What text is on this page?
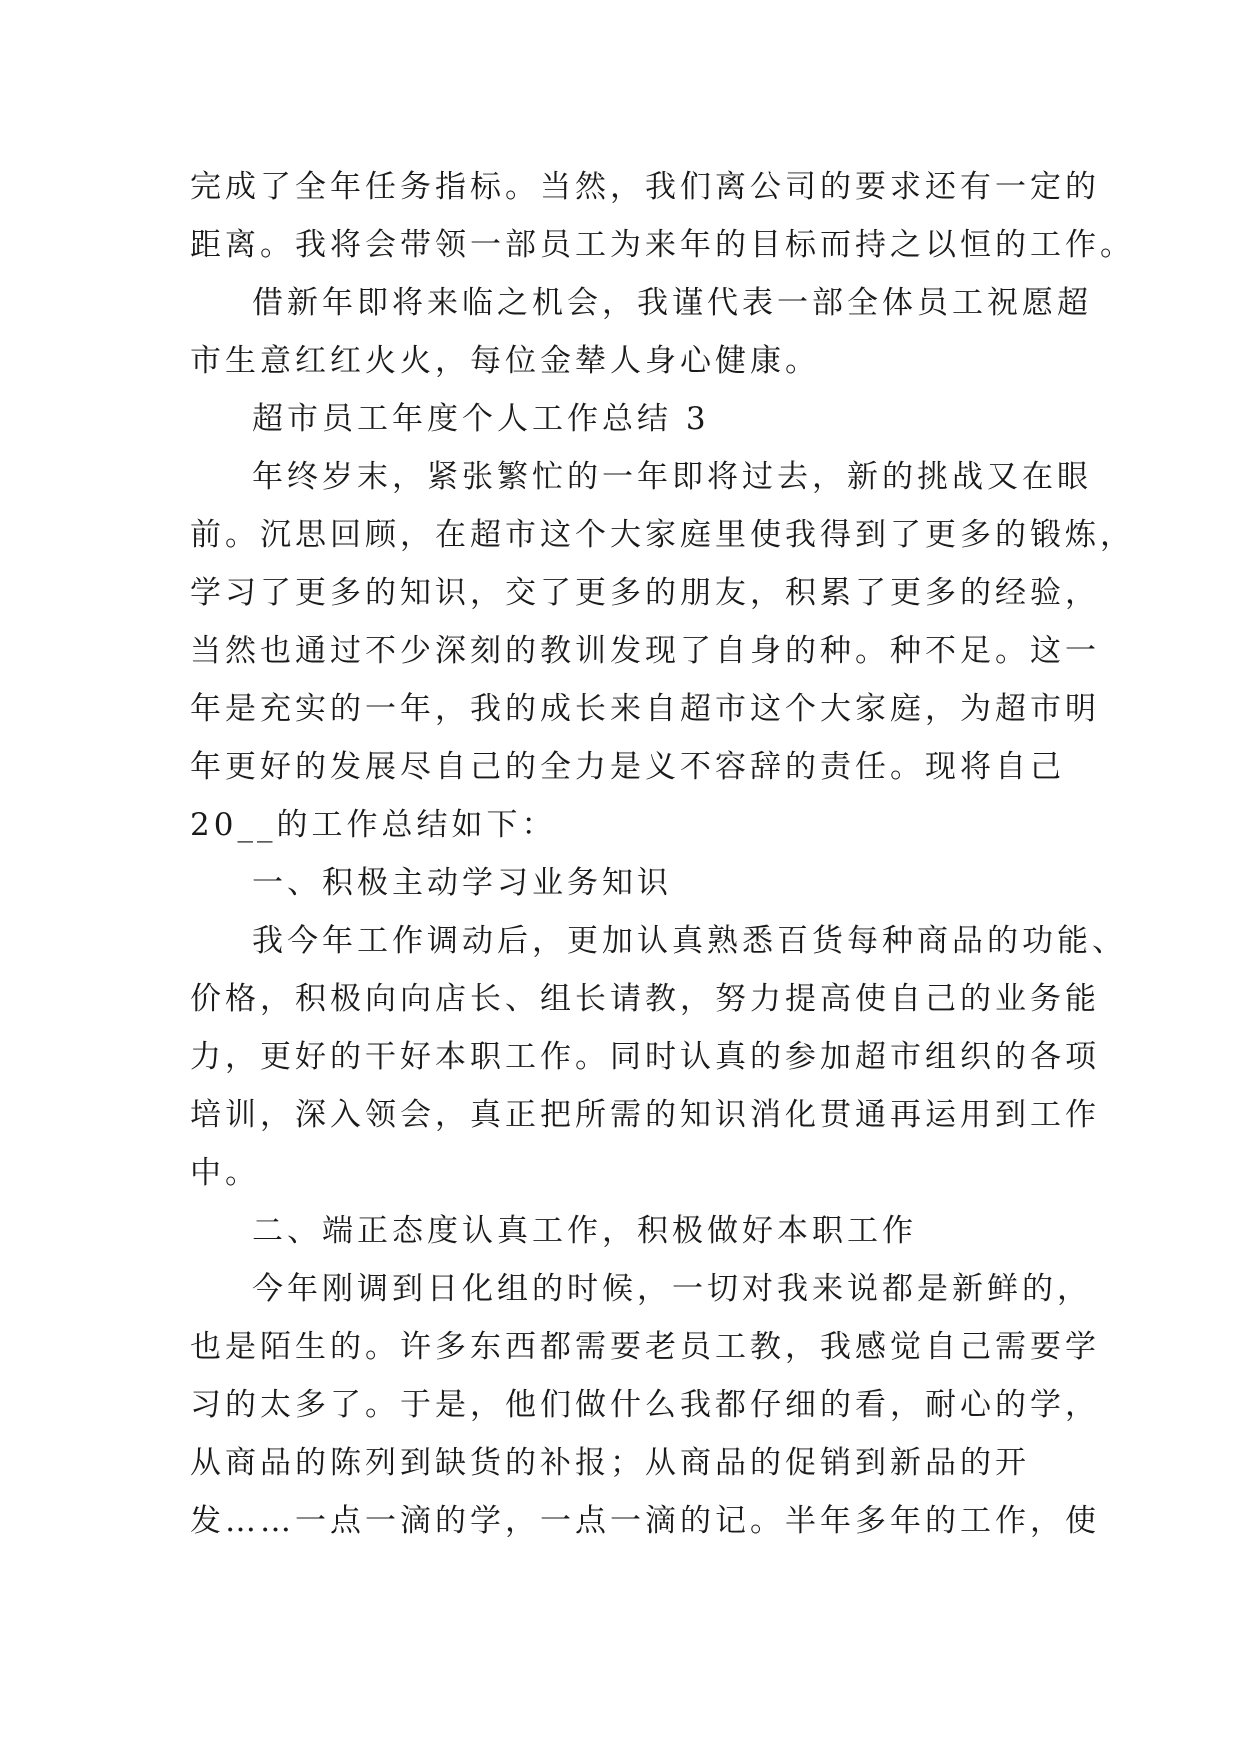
完成了全年任务指标。当然，我们离公司的要求还有一定的
距离。我将会带领一部员工为来年的目标而持之以恒的工作。
借新年即将来临之机会，我谨代表一部全体员工祝愿超
市生意红红火火，每位金辇人身心健康。
超市员工年度个人工作总结 3
年终岁末，紧张繁忙的一年即将过去，新的挑战又在眼
前。沉思回顾，在超市这个大家庭里使我得到了更多的锻炼，
学习了更多的知识，交了更多的朋友，积累了更多的经验，
当然也通过不少深刻的教训发现了自身的种。种不足。这一
年是充实的一年，我的成长来自超市这个大家庭，为超市明
年更好的发展尽自己的全力是义不容辞的责任。现将自己
20__的工作总结如下：
一、积极主动学习业务知识
我今年工作调动后，更加认真熟悉百货每种商品的功能、
价格，积极向向店长、组长请教，努力提高使自己的业务能
力，更好的干好本职工作。同时认真的参加超市组织的各项
培训，深入领会，真正把所需的知识消化贯通再运用到工作
中。
二、端正态度认真工作，积极做好本职工作
今年刚调到日化组的时候，一切对我来说都是新鲜的，
也是陌生的。许多东西都需要老员工教，我感觉自己需要学
习的太多了。于是，他们做什么我都仔细的看，耐心的学，
从商品的陈列到缺货的补报；从商品的促销到新品的开
发……一点一滴的学，一点一滴的记。半年多年的工作，使
